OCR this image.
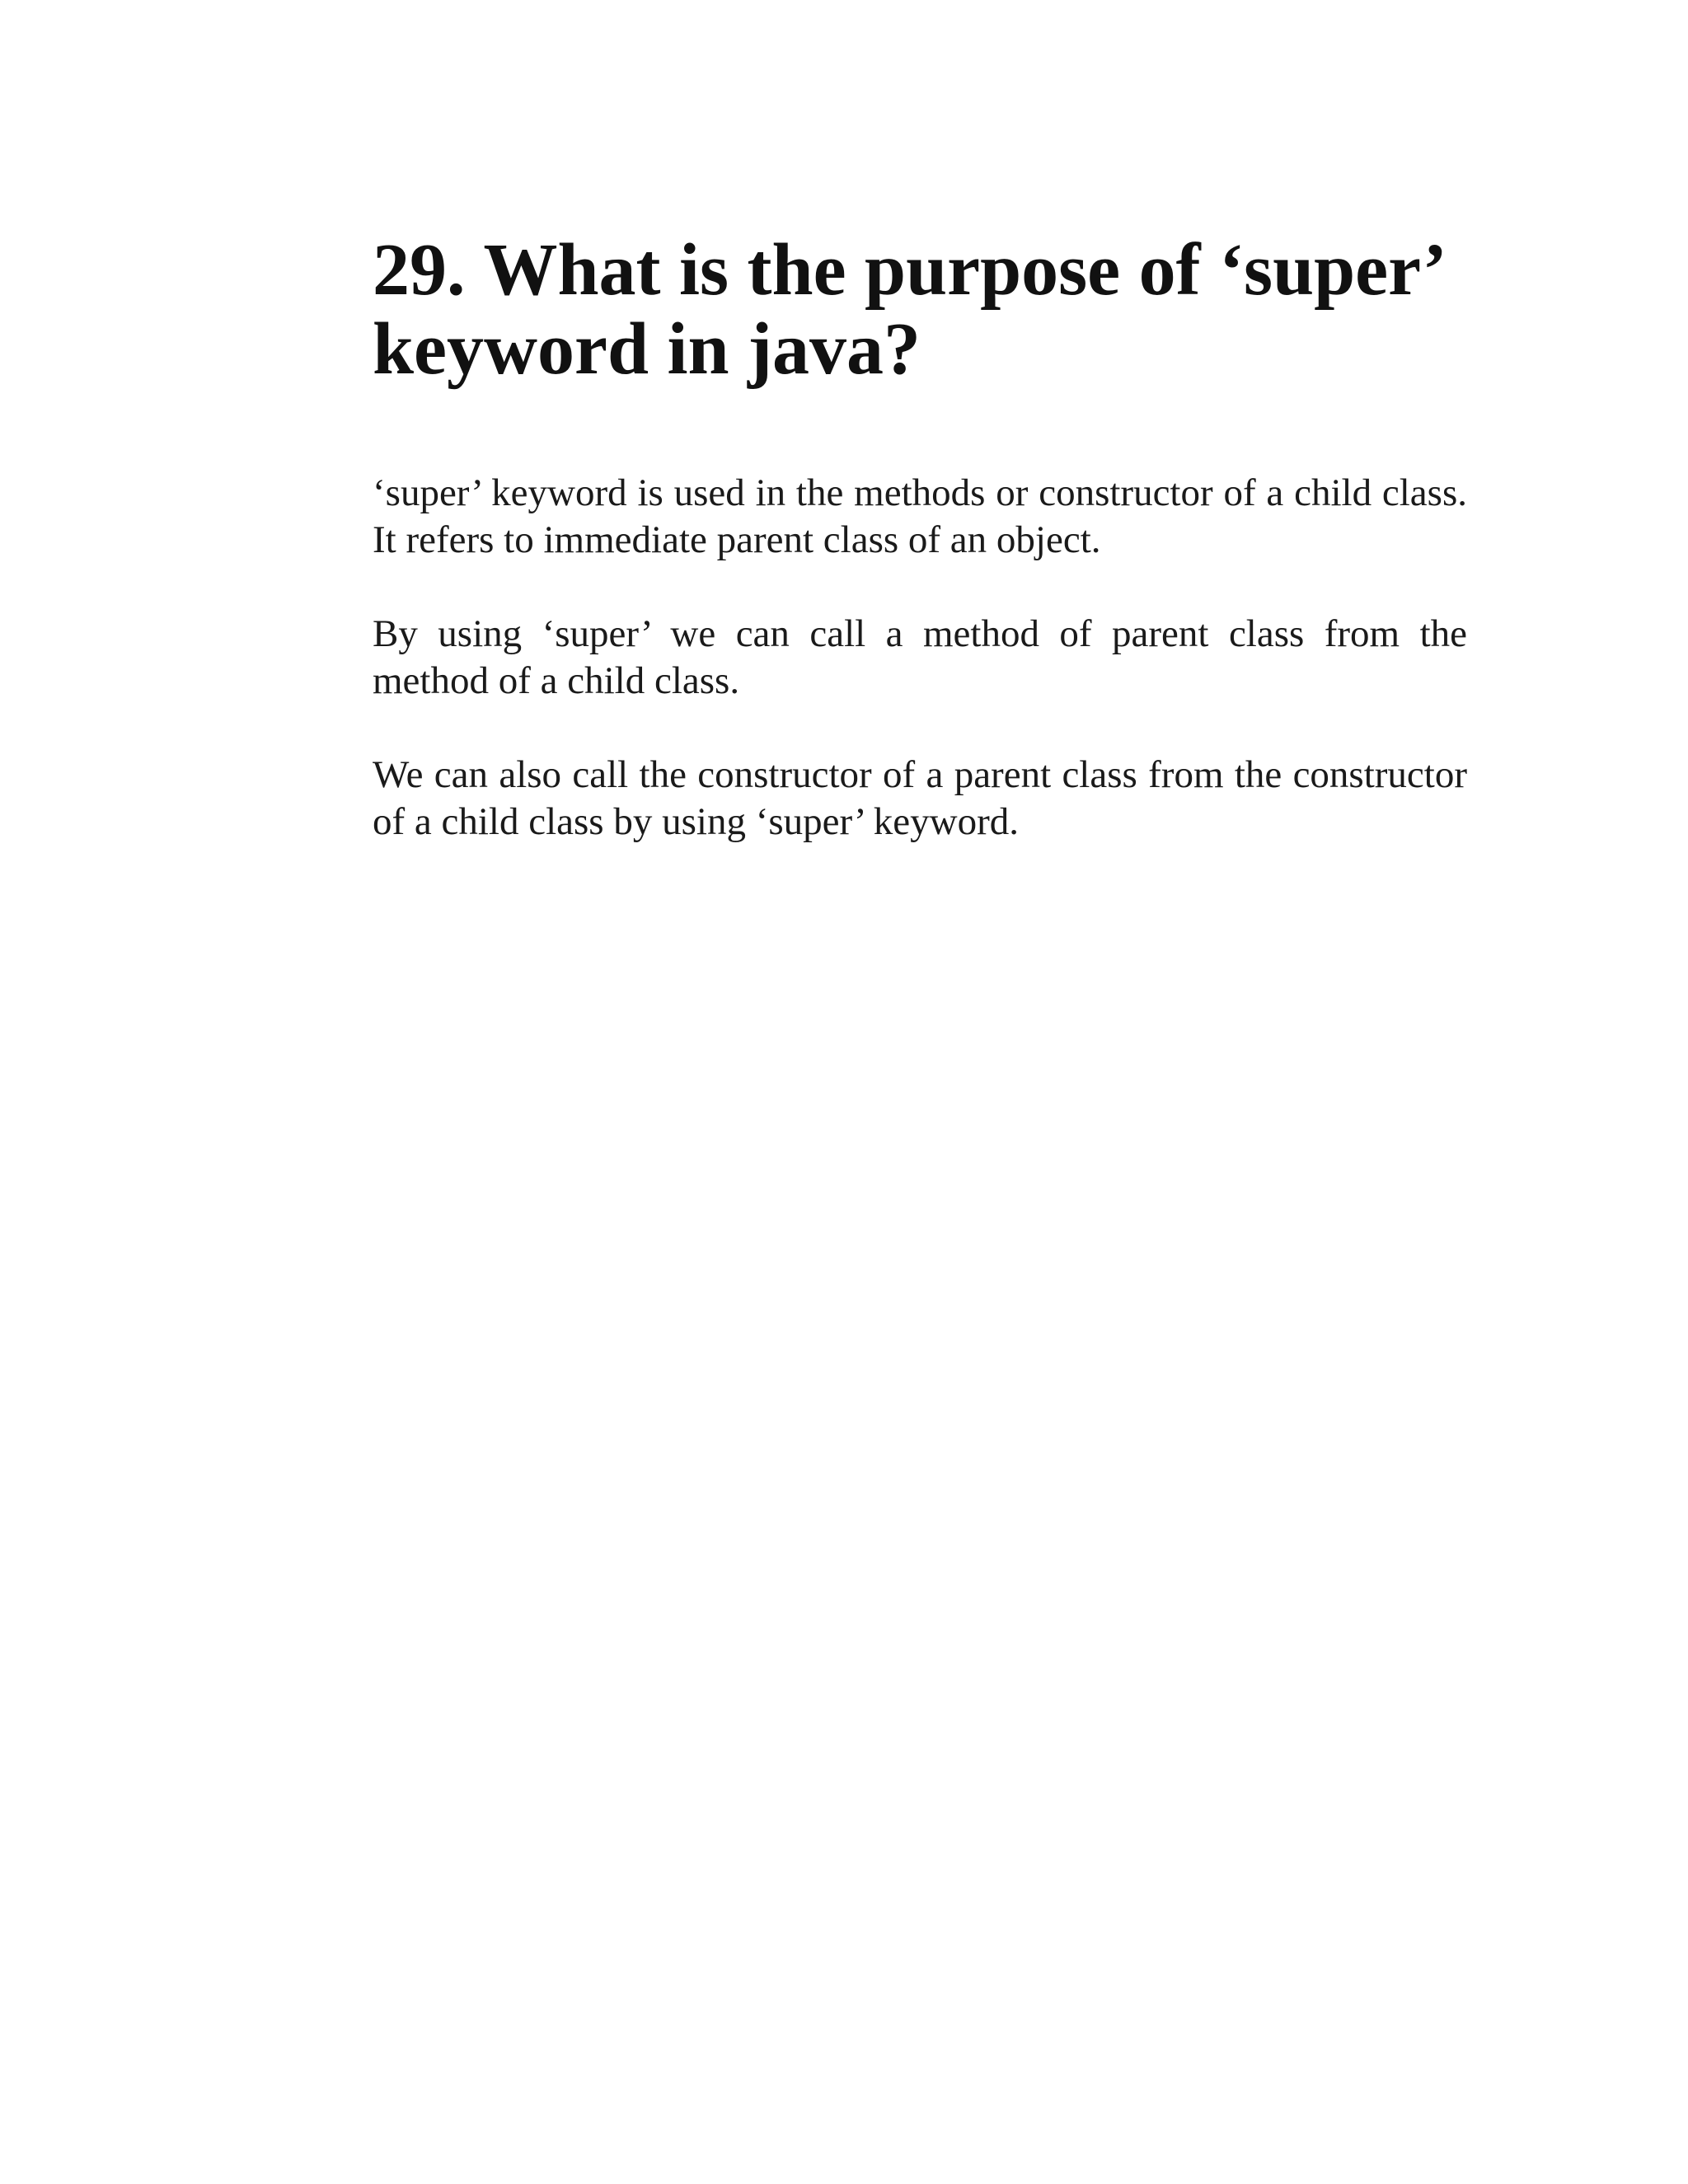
29. What is the purpose of ‘super’ keyword in java?

‘super’ keyword is used in the methods or constructor of a child class. It refers to immediate parent class of an object.

By using ‘super’ we can call a method of parent class from the method of a child class.

We can also call the constructor of a parent class from the constructor of a child class by using ‘super’ keyword.
